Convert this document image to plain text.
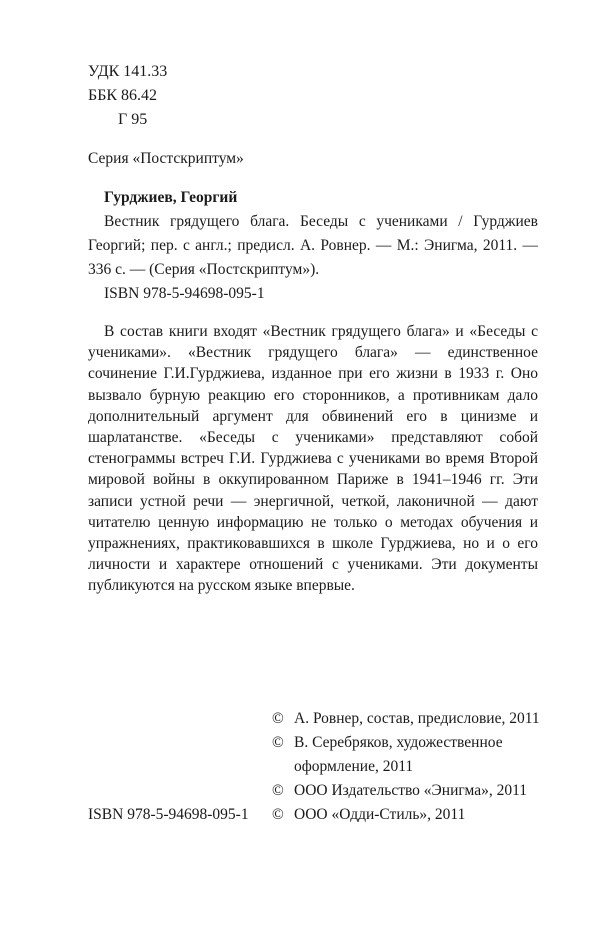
УДК 141.33
ББК 86.42
Г 95
Серия «Постскриптум»
Гурджиев, Георгий

Вестник грядущего блага. Беседы с учениками / Гурджиев Георгий; пер. с англ.; предисл. А. Ровнер. — М.: Энигма, 2011. — 336 с. — (Серия «Постскриптум»).

ISBN 978-5-94698-095-1

В состав книги входят «Вестник грядущего блага» и «Беседы с учениками». «Вестник грядущего блага» — единственное сочинение Г.И.Гурджиева, изданное при его жизни в 1933 г. Оно вызвало бурную реакцию его сторонников, а противникам дало дополнительный аргумент для обвинений его в цинизме и шарлатанстве. «Беседы с учениками» представляют собой стенограммы встреч Г.И. Гурджиева с учениками во время Второй мировой войны в оккупированном Париже в 1941–1946 гг. Эти записи устной речи — энергичной, четкой, лаконичной — дают читателю ценную информацию не только о методах обучения и упражнениях, практиковавшихся в школе Гурджиева, но и о его личности и характере отношений с учениками. Эти документы публикуются на русском языке впервые.

© А. Ровнер, состав, предисловие, 2011
© В. Серебряков, художественное оформление, 2011
© ООО Издательство «Энигма», 2011
© ООО «Одди-Стиль», 2011
ISBN 978-5-94698-095-1
